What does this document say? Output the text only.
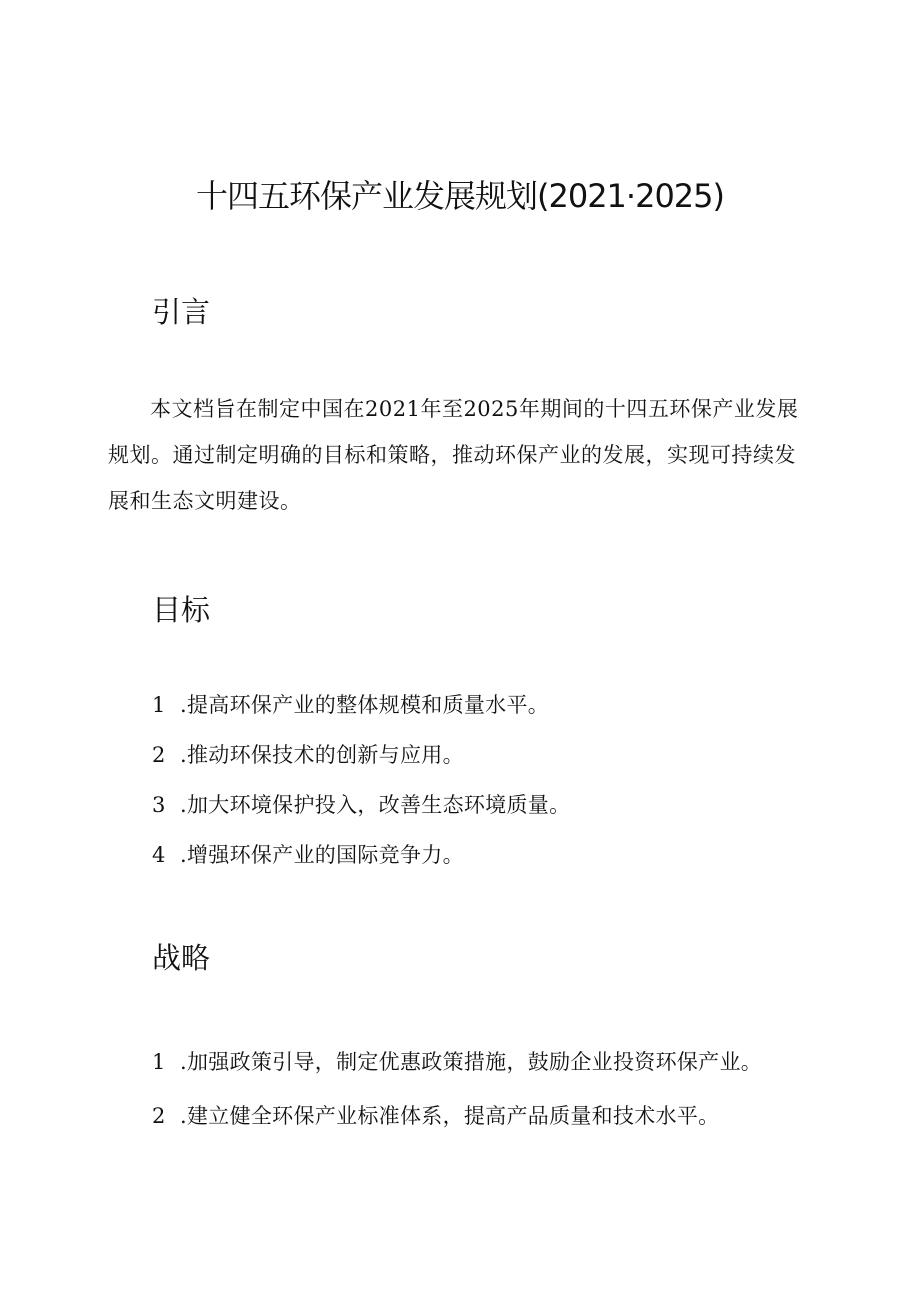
十四五环保产业发展规划(2021·2025)
引言

本文档旨在制定中国在2021年至2025年期间的十四五环保产业发展规划。通过制定明确的目标和策略，推动环保产业的发展，实现可持续发展和生态文明建设。

目标
1 .提高环保产业的整体规模和质量水平。
2 .推动环保技术的创新与应用。
3 .加大环境保护投入，改善生态环境质量。
4 .增强环保产业的国际竞争力。
战略
1 .加强政策引导，制定优惠政策措施，鼓励企业投资环保产业。
2 .建立健全环保产业标准体系，提高产品质量和技术水平。
